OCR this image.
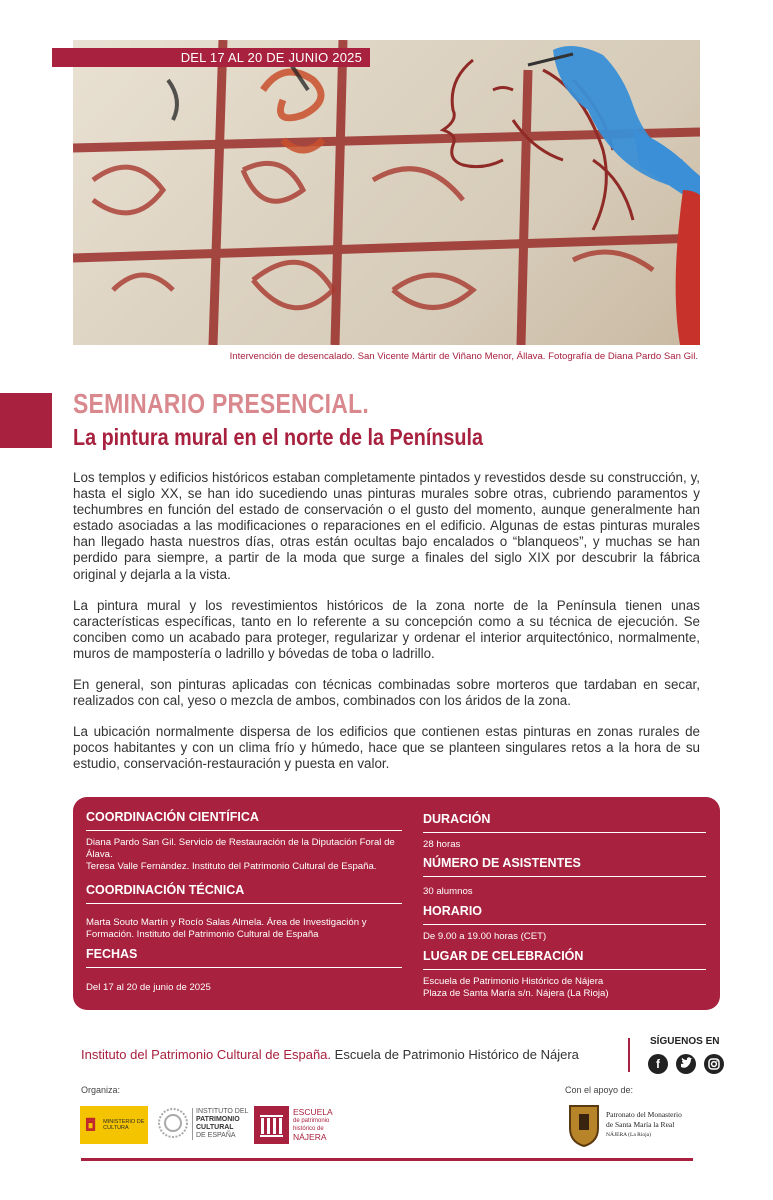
DEL 17 AL 20 DE JUNIO 2025
Intervención de desencalado. San Vicente Mártir de Viñano Menor, Állava. Fotografía de Diana Pardo San Gil.
SEMINARIO PRESENCIAL.
La pintura mural en el norte de la Península

Los templos y edificios históricos estaban completamente pintados y revestidos desde su construcción, y, hasta el siglo XX, se han ido sucediendo unas pinturas murales sobre otras, cubriendo paramentos y techumbres en función del estado de conservación o el gusto del momento, aunque generalmente han estado asociadas a las modificaciones o reparaciones en el edificio. Algunas de estas pinturas murales han llegado hasta nuestros días, otras están ocultas bajo encalados o “blanqueos”, y muchas se han perdido para siempre, a partir de la moda que surge a finales del siglo XIX por descubrir la fábrica original y dejarla a la vista.

La pintura mural y los revestimientos históricos de la zona norte de la Península tienen unas características específicas, tanto en lo referente a su concepción como a su técnica de ejecución. Se conciben como un acabado para proteger, regularizar y ordenar el interior arquitectónico, normalmente, muros de mampostería o ladrillo y bóvedas de toba o ladrillo.

En general, son pinturas aplicadas con técnicas combinadas sobre morteros que tardaban en secar, realizados con cal, yeso o mezcla de ambos, combinados con los áridos de la zona.

La ubicación normalmente dispersa de los edificios que contienen estas pinturas en zonas rurales de pocos habitantes y con un clima frío y húmedo, hace que se planteen singulares retos a la hora de su estudio, conservación-restauración y puesta en valor.

COORDINACIÓN CIENTÍFICA
Diana Pardo San Gil. Servicio de Restauración de la Diputación Foral de Álava.
Teresa Valle Fernández. Instituto del Patrimonio Cultural de España.
COORDINACIÓN TÉCNICA
Marta Souto Martín y Rocío Salas Almela. Área de Investigación y Formación. Instituto del Patrimonio Cultural de España
FECHAS
Del 17 al 20 de junio de 2025
DURACIÓN
28 horas
NÚMERO DE ASISTENTES
30 alumnos
HORARIO
De 9.00 a 19.00 horas (CET)
LUGAR DE CELEBRACIÓN
Escuela de Patrimonio Histórico de Nájera
Plaza de Santa María s/n. Nájera (La Rioja)
Instituto del Patrimonio Cultural de España. Escuela de Patrimonio Histórico de Nájera
SÍGUENOS EN
f
Organiza:	Con el apoyo de:
MINISTERIO DE CULTURA
INSTITUTO DEL
PATRIMONIO
CULTURAL
DE ESPAÑA
ESCUELA
de patrimonio
histórico de
NÁJERA
Patronato del Monasterio
de Santa María la Real
NÁJERA (La Rioja)
